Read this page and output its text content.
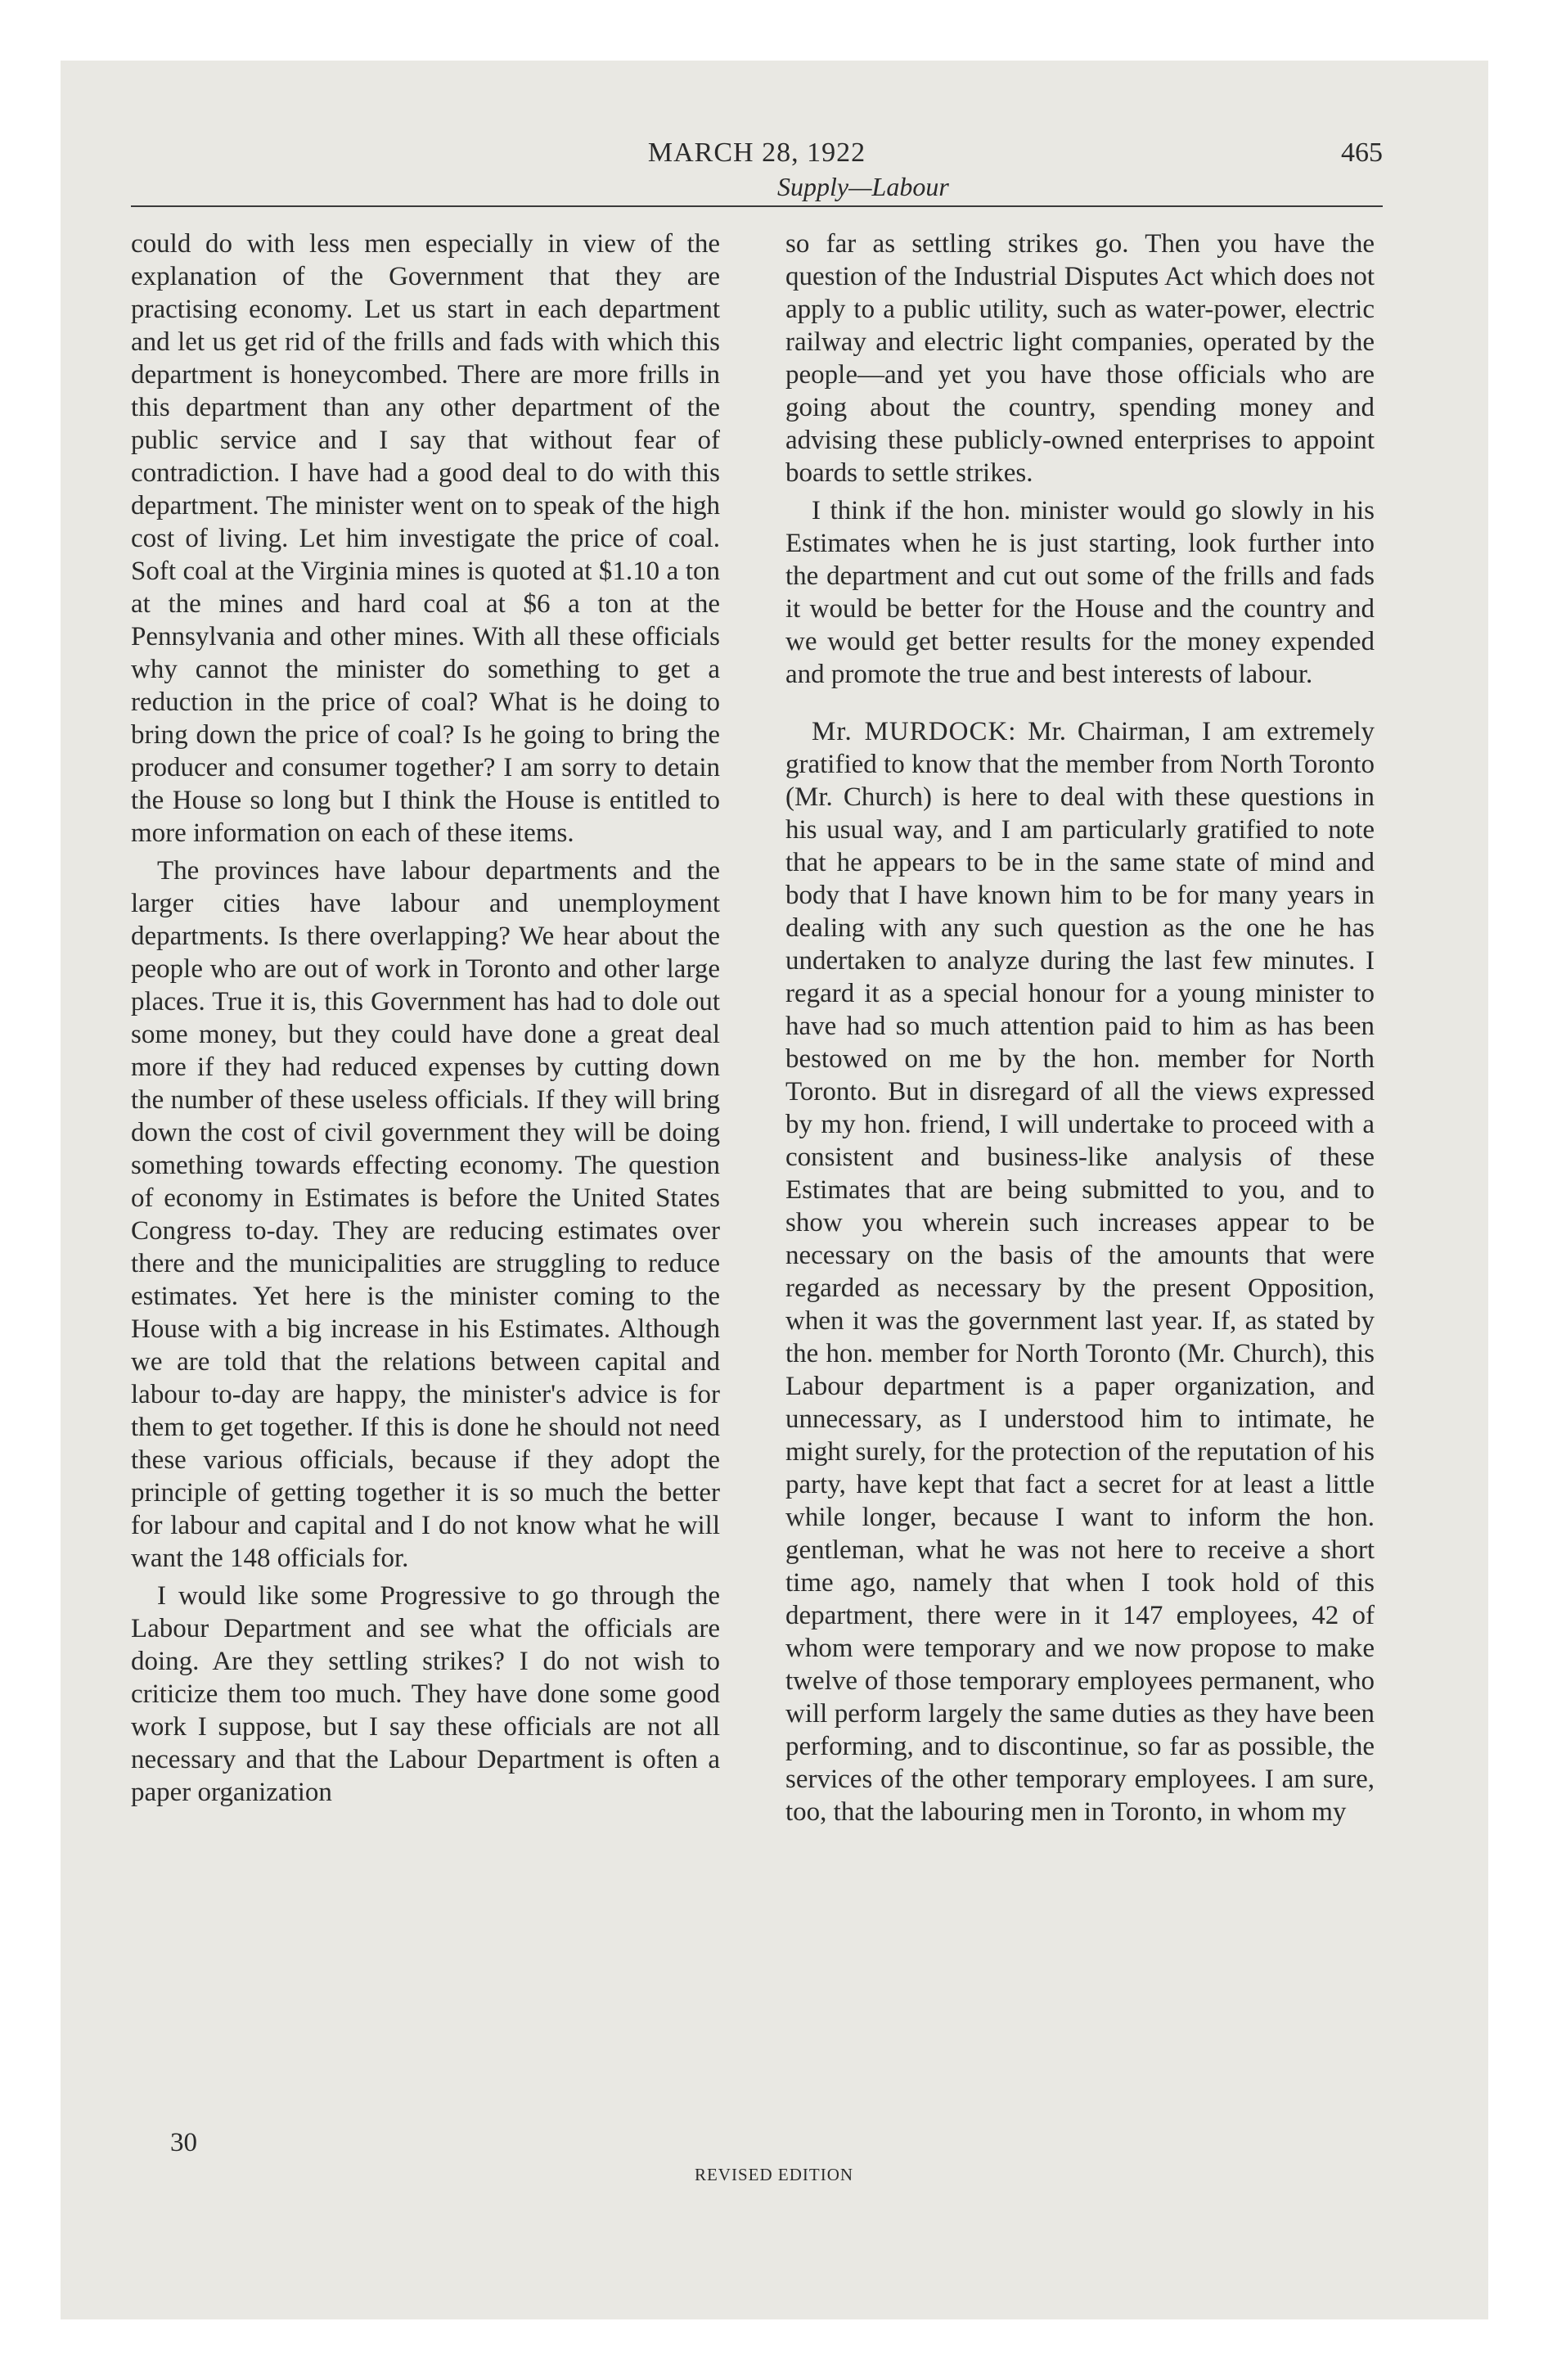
MARCH 28, 1922	465
Supply—Labour

could do with less men especially in view of the explanation of the Government that they are practising economy. Let us start in each department and let us get rid of the frills and fads with which this department is honeycombed. There are more frills in this department than any other department of the public service and I say that without fear of contradiction. I have had a good deal to do with this department. The minister went on to speak of the high cost of living. Let him investigate the price of coal. Soft coal at the Virginia mines is quoted at $1.10 a ton at the mines and hard coal at $6 a ton at the Pennsylvania and other mines. With all these officials why cannot the minister do something to get a reduction in the price of coal? What is he doing to bring down the price of coal? Is he going to bring the producer and consumer together? I am sorry to detain the House so long but I think the House is entitled to more information on each of these items.

The provinces have labour departments and the larger cities have labour and unemployment departments. Is there overlapping? We hear about the people who are out of work in Toronto and other large places. True it is, this Government has had to dole out some money, but they could have done a great deal more if they had reduced expenses by cutting down the number of these useless officials. If they will bring down the cost of civil government they will be doing something towards effecting economy. The question of economy in Estimates is before the United States Congress to-day. They are reducing estimates over there and the municipalities are struggling to reduce estimates. Yet here is the minister coming to the House with a big increase in his Estimates. Although we are told that the relations between capital and labour to-day are happy, the minister's advice is for them to get together. If this is done he should not need these various officials, because if they adopt the principle of getting together it is so much the better for labour and capital and I do not know what he will want the 148 officials for.

I would like some Progressive to go through the Labour Department and see what the officials are doing. Are they settling strikes? I do not wish to criticize them too much. They have done some good work I suppose, but I say these officials are not all necessary and that the Labour Department is often a paper organization

so far as settling strikes go. Then you have the question of the Industrial Disputes Act which does not apply to a public utility, such as water-power, electric railway and electric light companies, operated by the people—and yet you have those officials who are going about the country, spending money and advising these publicly-owned enterprises to appoint boards to settle strikes.

I think if the hon. minister would go slowly in his Estimates when he is just starting, look further into the department and cut out some of the frills and fads it would be better for the House and the country and we would get better results for the money expended and promote the true and best interests of labour.

Mr. MURDOCK: Mr. Chairman, I am extremely gratified to know that the member from North Toronto (Mr. Church) is here to deal with these questions in his usual way, and I am particularly gratified to note that he appears to be in the same state of mind and body that I have known him to be for many years in dealing with any such question as the one he has undertaken to analyze during the last few minutes. I regard it as a special honour for a young minister to have had so much attention paid to him as has been bestowed on me by the hon. member for North Toronto. But in disregard of all the views expressed by my hon. friend, I will undertake to proceed with a consistent and business-like analysis of these Estimates that are being submitted to you, and to show you wherein such increases appear to be necessary on the basis of the amounts that were regarded as necessary by the present Opposition, when it was the government last year. If, as stated by the hon. member for North Toronto (Mr. Church), this Labour department is a paper organization, and unnecessary, as I understood him to intimate, he might surely, for the protection of the reputation of his party, have kept that fact a secret for at least a little while longer, because I want to inform the hon. gentleman, what he was not here to receive a short time ago, namely that when I took hold of this department, there were in it 147 employees, 42 of whom were temporary and we now propose to make twelve of those temporary employees permanent, who will perform largely the same duties as they have been performing, and to discontinue, so far as possible, the services of the other temporary employees. I am sure, too, that the labouring men in Toronto, in whom my

30
REVISED EDITION
